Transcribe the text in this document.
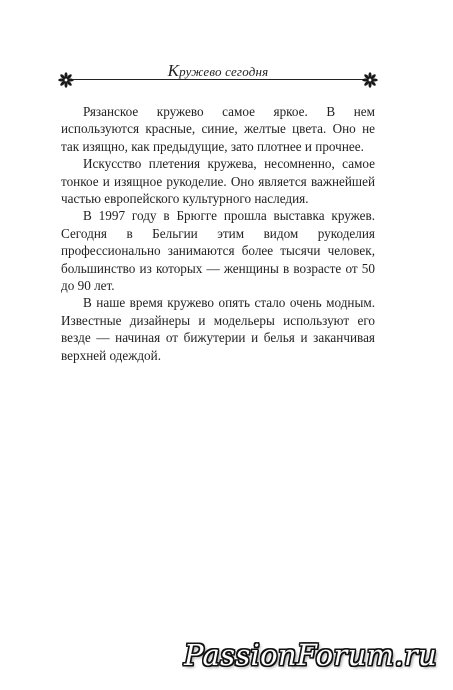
Кружево сегодня

Рязанское кружево самое яркое. В нем используются красные, синие, желтые цвета. Оно не так изящно, как предыдущие, зато плотнее и прочнее.

Искусство плетения кружева, несомненно, самое тонкое и изящное рукоделие. Оно является важнейшей частью европейского культурного наследия.

В 1997 году в Брюгге прошла выставка кружев. Сегодня в Бельгии этим видом рукоделия профессионально занимаются более тысячи человек, большинство из которых — женщины в возрасте от 50 до 90 лет.

В наше время кружево опять стало очень модным. Известные дизайнеры и модельеры используют его везде — начиная от бижутерии и белья и заканчивая верхней одеждой.

PassionForum.ru
